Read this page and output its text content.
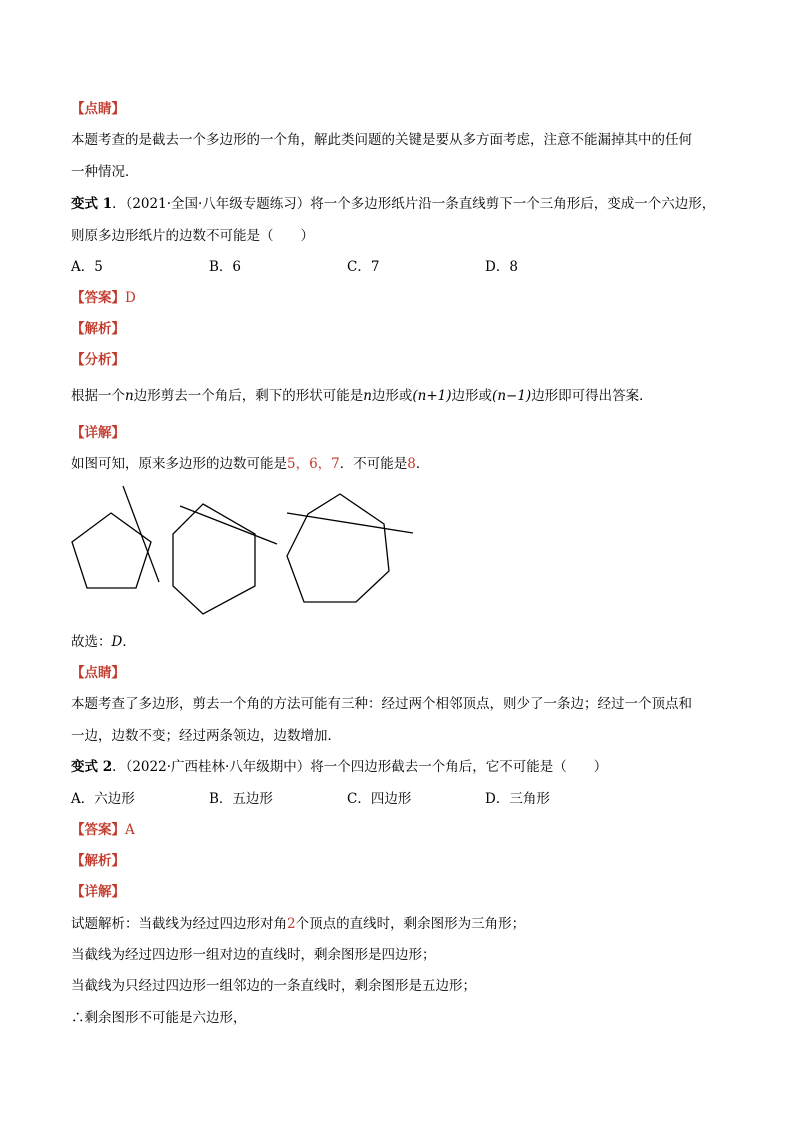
【点睛】
本题考查的是截去一个多边形的一个角，解此类问题的关键是要从多方面考虑，注意不能漏掉其中的任何
一种情况．
变式 1．（2021·全国·八年级专题练习）将一个多边形纸片沿一条直线剪下一个三角形后，变成一个六边形，
则原多边形纸片的边数不可能是（　　）
A．5	B．6	C．7	D．8
【答案】D
【解析】
【分析】
根据一个n边形剪去一个角后，剩下的形状可能是n边形或(n+1)边形或(n−1)边形即可得出答案．
【详解】
如图可知，原来多边形的边数可能是5，6，7．不可能是8．
故选：D．
【点睛】
本题考查了多边形，剪去一个角的方法可能有三种：经过两个相邻顶点，则少了一条边；经过一个顶点和
一边，边数不变；经过两条领边，边数增加．
变式 2．（2022·广西桂林·八年级期中）将一个四边形截去一个角后，它不可能是（　　）
A．六边形	B．五边形	C．四边形	D．三角形
【答案】A
【解析】
【详解】
试题解析：当截线为经过四边形对角2个顶点的直线时，剩余图形为三角形；
当截线为经过四边形一组对边的直线时，剩余图形是四边形；
当截线为只经过四边形一组邻边的一条直线时，剩余图形是五边形；
∴剩余图形不可能是六边形，
